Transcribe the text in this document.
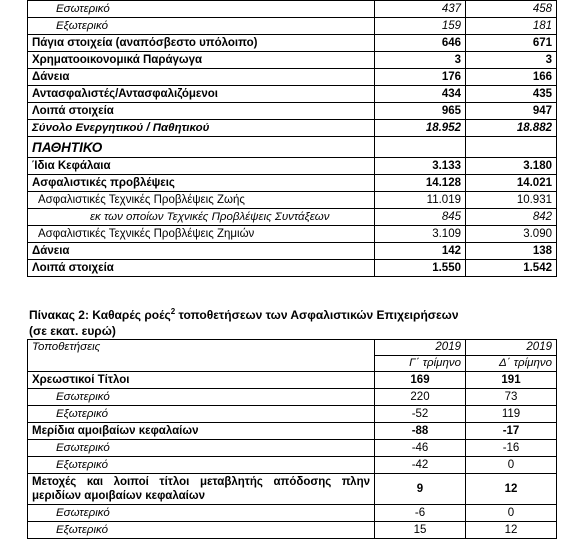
Εσωτερικό	437	458
Εξωτερικό	159	181
Πάγια στοιχεία (αναπόσβεστο υπόλοιπο)	646	671
Χρηματοοικονομικά Παράγωγα	3	3
Δάνεια	176	166
Αντασφαλιστές/Αντασφαλιζόμενοι	434	435
Λοιπά στοιχεία	965	947
Σύνολο Ενεργητικού / Παθητικού	18.952	18.882
ΠΑΘΗΤΙΚΟ		
Ίδια Κεφάλαια	3.133	3.180
Ασφαλιστικές προβλέψεις	14.128	14.021
Ασφαλιστικές Τεχνικές Προβλέψεις Ζωής	11.019	10.931
εκ των οποίων Τεχνικές Προβλέψεις Συντάξεων	845	842
Ασφαλιστικές Τεχνικές Προβλέψεις Ζημιών	3.109	3.090
Δάνεια	142	138
Λοιπά στοιχεία	1.550	1.542
Πίνακας 2: Καθαρές ροές$^2$ τοποθετήσεων των Ασφαλιστικών Επιχειρήσεων
(σε εκατ. ευρώ)
Τοποθετήσεις	2019	2019
	Γ΄ τρίμηνο	Δ΄ τρίμηνο
Χρεωστικοί Τίτλοι	169	191
Εσωτερικό	220	73
Εξωτερικό	-52	119
Μερίδια αμοιβαίων κεφαλαίων	-88	-17
Εσωτερικό	-46	-16
Εξωτερικό	-42	0
Μετοχές και λοιποί τίτλοι μεταβλητής απόδοσης πλην μεριδίων αμοιβαίων κεφαλαίων	9	12
Εσωτερικό	-6	0
Εξωτερικό	15	12
